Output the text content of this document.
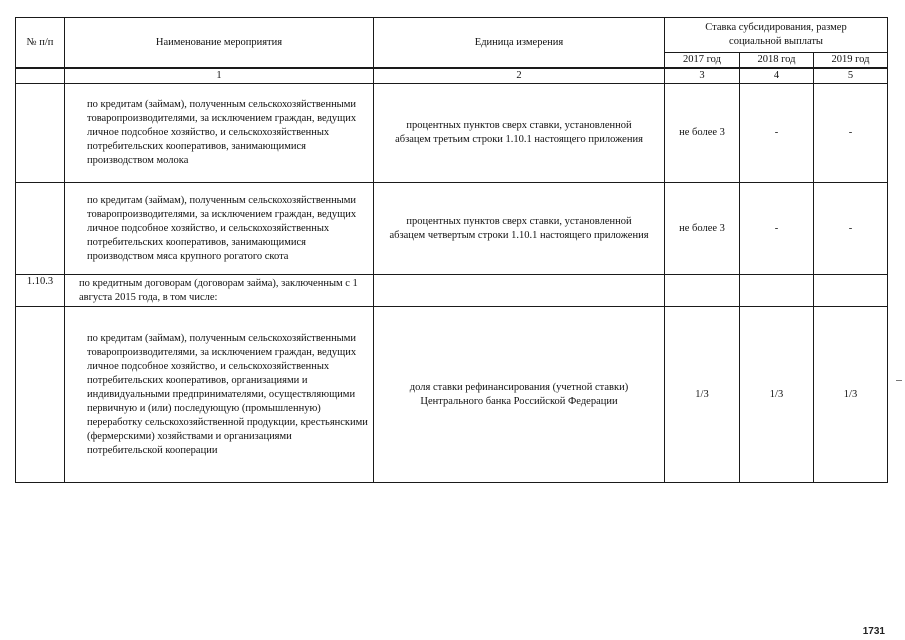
№ п/п	Наименование мероприятия	Единица измерения	Ставка субсидирования, размер социальной выплаты		
			2017 год	2018 год	2019 год

	1	2	3	4	5
	по кредитам (займам), полученным сельскохозяйственными товаропроизводителями, за исключением граждан, ведущих личное подсобное хозяйство, и сельскохозяйственных потребительских кооперативов, занимающимися производством молока	процентных пунктов сверх ставки, установленной абзацем третьим строки 1.10.1 настоящего приложения	не более 3	-	-
	по кредитам (займам), полученным сельскохозяйственными товаропроизводителями, за исключением граждан, ведущих личное подсобное хозяйство, и сельскохозяйственных потребительских кооперативов, занимающимися производством мяса крупного рогатого скота	процентных пунктов сверх ставки, установленной абзацем четвертым строки 1.10.1 настоящего приложения	не более 3	-	-
1.10.3	по кредитным договорам (договорам займа), заключенным с 1 августа 2015 года, в том числе:				
	по кредитам (займам), полученным сельскохозяйственными товаропроизводителями, за исключением граждан, ведущих личное подсобное хозяйство, и сельскохозяйственных потребительских кооперативов, организациями и индивидуальными предпринимателями, осуществляющими первичную и (или) последующую (промышленную) переработку сельскохозяйственной продукции, крестьянскими (фермерскими) хозяйствами и организациями потребительской кооперации	доля ставки рефинансирования (учетной ставки) Центрального банка Российской Федерации	1/3	1/3	1/3
1731
